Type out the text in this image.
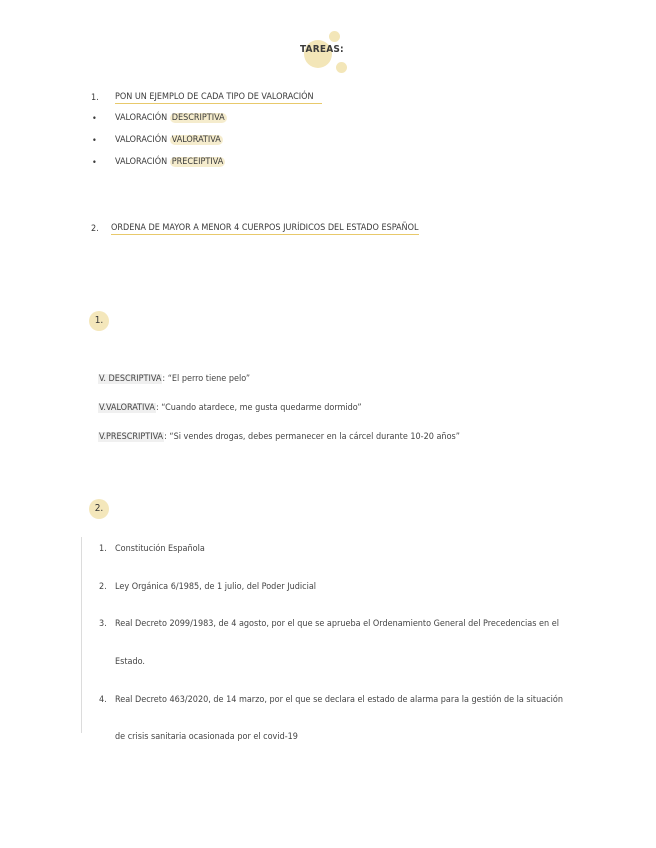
TAREAS:
1. PON UN EJEMPLO DE CADA TIPO DE VALORACIÓN
• VALORACIÓN DESCRIPTIVA
• VALORACIÓN VALORATIVA
• VALORACIÓN PRECEIPTIVA
2. ORDENA DE MAYOR A MENOR 4 CUERPOS JURÍDICOS DEL ESTADO ESPAÑOL
1.
V. DESCRIPTIVA: “El perro tiene pelo”
V.VALORATIVA: “Cuando atardece, me gusta quedarme dormido”
V.PRESCRIPTIVA: “Si vendes drogas, debes permanecer en la cárcel durante 10-20 años”
2.
1. Constitución Española
2. Ley Orgánica 6/1985, de 1 julio, del Poder Judicial
3. Real Decreto 2099/1983, de 4 agosto, por el que se aprueba el Ordenamiento General del Precedencias en el
Estado.
4. Real Decreto 463/2020, de 14 marzo, por el que se declara el estado de alarma para la gestión de la situación
de crisis sanitaria ocasionada por el covid-19
